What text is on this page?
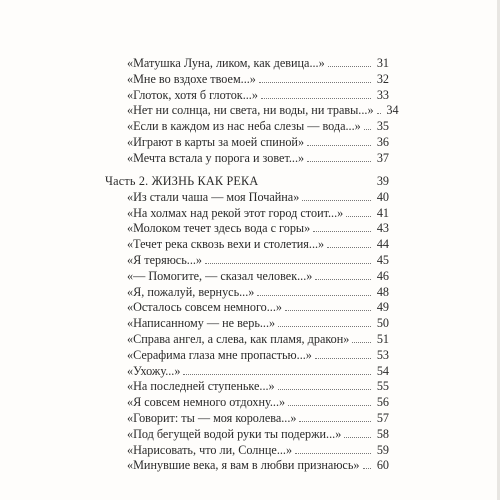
«Матушка Луна, ликом, как девица...»	31
«Мне во вздохе твоем...»	32
«Глоток, хотя б глоток...»	33
«Нет ни солнца, ни света, ни воды, ни травы...»	34
«Если в каждом из нас неба слезы — вода...»	35
«Играют в карты за моей спиной»	36
«Мечта встала у порога и зовет...»	37
Часть 2. ЖИЗНЬ КАК РЕКА	39
«Из стали чаша — моя Почайна»	40
«На холмах над рекой этот город стоит...»	41
«Молоком течет здесь вода с горы»	43
«Течет река сквозь вехи и столетия...»	44
«Я теряюсь...»	45
«— Помогите, — сказал человек...»	46
«Я, пожалуй, вернусь...»	48
«Осталось совсем немного...»	49
«Написанному — не верь...»	50
«Справа ангел, а слева, как пламя, дракон»	51
«Серафима глаза мне пропастью...»	53
«Ухожу...»	54
«На последней ступеньке...»	55
«Я совсем немного отдохну...»	56
«Говорит: ты — моя королева...»	57
«Под бегущей водой руки ты подержи...»	58
«Нарисовать, что ли, Солнце...»	59
«Минувшие века, я вам в любви признаюсь»	60
